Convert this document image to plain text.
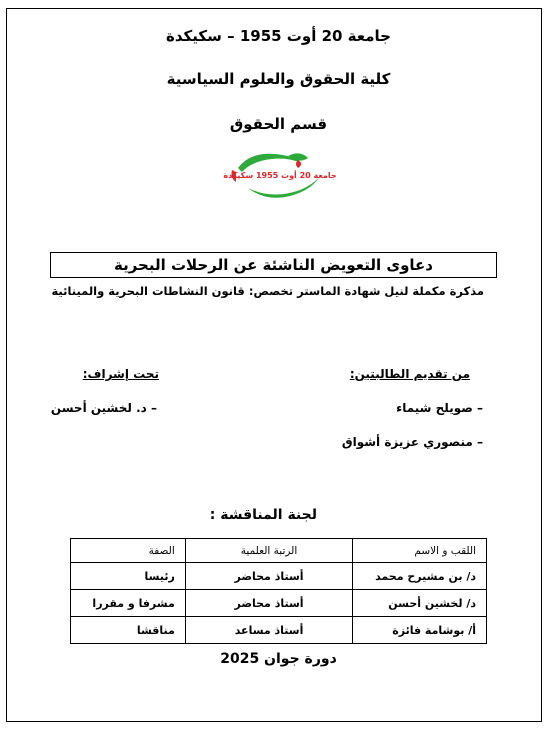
جامعة 20 أوت 1955 – سكيكدة
كلية الحقوق والعلوم السياسية
قسم الحقوق
جامعة 20 أوت 1955 سكيكدة
دعاوى التعويض الناشئة عن الرحلات البحرية
مذكرة مكملة لنيل شهادة الماستر تخصص: قانون النشاطات البحرية والمينائية
من تقديم الطالبتين:
تحت إشراف:
– صويلح شيماء
– منصوري عزيزة أشواق
– د. لخشين أحسن
لجنة المناقشة :
اللقب و الاسم	الرتبة العلمية	الصفة
د/ بن مشيرح محمد	أستاذ محاضر	رئيسا
د/ لخشين أحسن	أستاذ محاضر	مشرفا و مقررا
أ/ بوشامة فائزة	أستاذ مساعد	مناقشا
دورة جوان 2025
